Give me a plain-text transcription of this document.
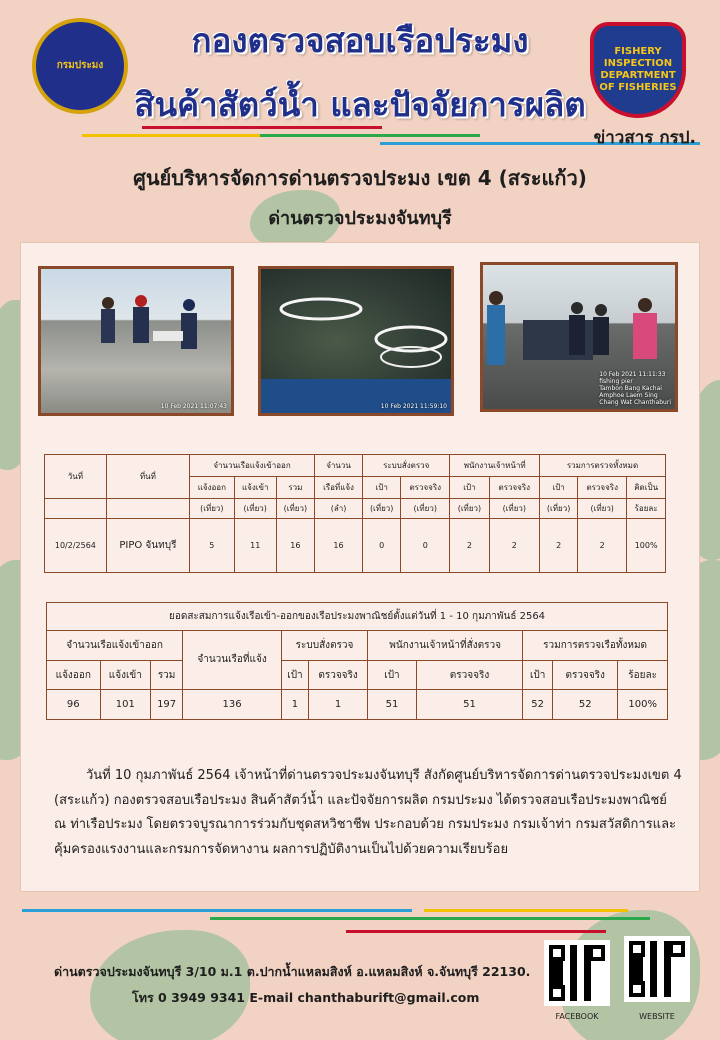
กรมประมง
FISHERY INSPECTION DEPARTMENT OF FISHERIES
กองตรวจสอบเรือประมง
สินค้าสัตว์น้ำ และปัจจัยการผลิต
ข่าวสาร กรป.
ศูนย์บริหารจัดการด่านตรวจประมง เขต 4 (สระแก้ว)
ด่านตรวจประมงจันทบุรี
10 Feb 2021 11:07:43	10 Feb 2021 11:59:10
10 Feb 2021 11:11:33
fishing pier
Tambon Bang Kachai
Amphoe Laem Sing
Chang Wat Chanthaburi
วันที่	ที่นที่	จำนวนเรือแจ้งเข้าออก			จำนวน	ระบบสั่งตรวจ		พนักงานเจ้าหน้าที่		รวมการตรวจทั้งหมด		
		แจ้งออก	แจ้งเข้า	รวม	เรือที่แจ้ง	เป้า	ตรวจจริง	เป้า	ตรวจจริง	เป้า	ตรวจจริง	คิดเป็น
		(เที่ยว)	(เที่ยว)	(เที่ยว)	(ลำ)	(เที่ยว)	(เที่ยว)	(เที่ยว)	(เที่ยว)	(เที่ยว)	(เที่ยว)	ร้อยละ
10/2/2564	PIPO จันทบุรี	5	11	16	16	0	0	2	2	2	2	100%
ยอดสะสมการแจ้งเรือเข้า-ออกของเรือประมงพาณิชย์ตั้งแต่วันที่ 1 - 10 กุมภาพันธ์ 2564										
จำนวนเรือแจ้งเข้าออก			จำนวนเรือที่แจ้ง	ระบบสั่งตรวจ		พนักงานเจ้าหน้าที่สั่งตรวจ		รวมการตรวจเรือทั้งหมด		
แจ้งออก	แจ้งเข้า	รวม		เป้า	ตรวจจริง	เป้า	ตรวจจริง	เป้า	ตรวจจริง	ร้อยละ
96	101	197	136	1	1	51	51	52	52	100%
วันที่ 10 กุมภาพันธ์ 2564 เจ้าหน้าที่ด่านตรวจประมงจันทบุรี สังกัดศูนย์บริหารจัดการด่านตรวจประมงเขต 4 (สระแก้ว) กองตรวจสอบเรือประมง สินค้าสัตว์น้ำ และปัจจัยการผลิต กรมประมง ได้ตรวจสอบเรือประมงพาณิชย์ ณ ท่าเรือประมง โดยตรวจบูรณาการร่วมกับชุดสหวิชาชีพ ประกอบด้วย กรมประมง กรมเจ้าท่า กรมสวัสดิการและคุ้มครองแรงงานและกรมการจัดหางาน ผลการปฏิบัติงานเป็นไปด้วยความเรียบร้อย
ด่านตรวจประมงจันทบุรี 3/10 ม.1 ต.ปากน้ำแหลมสิงห์ อ.แหลมสิงห์ จ.จันทบุรี 22130.
โทร 0 3949 9341 E-mail chanthaburift@gmail.com
FACEBOOK	WEBSITE
